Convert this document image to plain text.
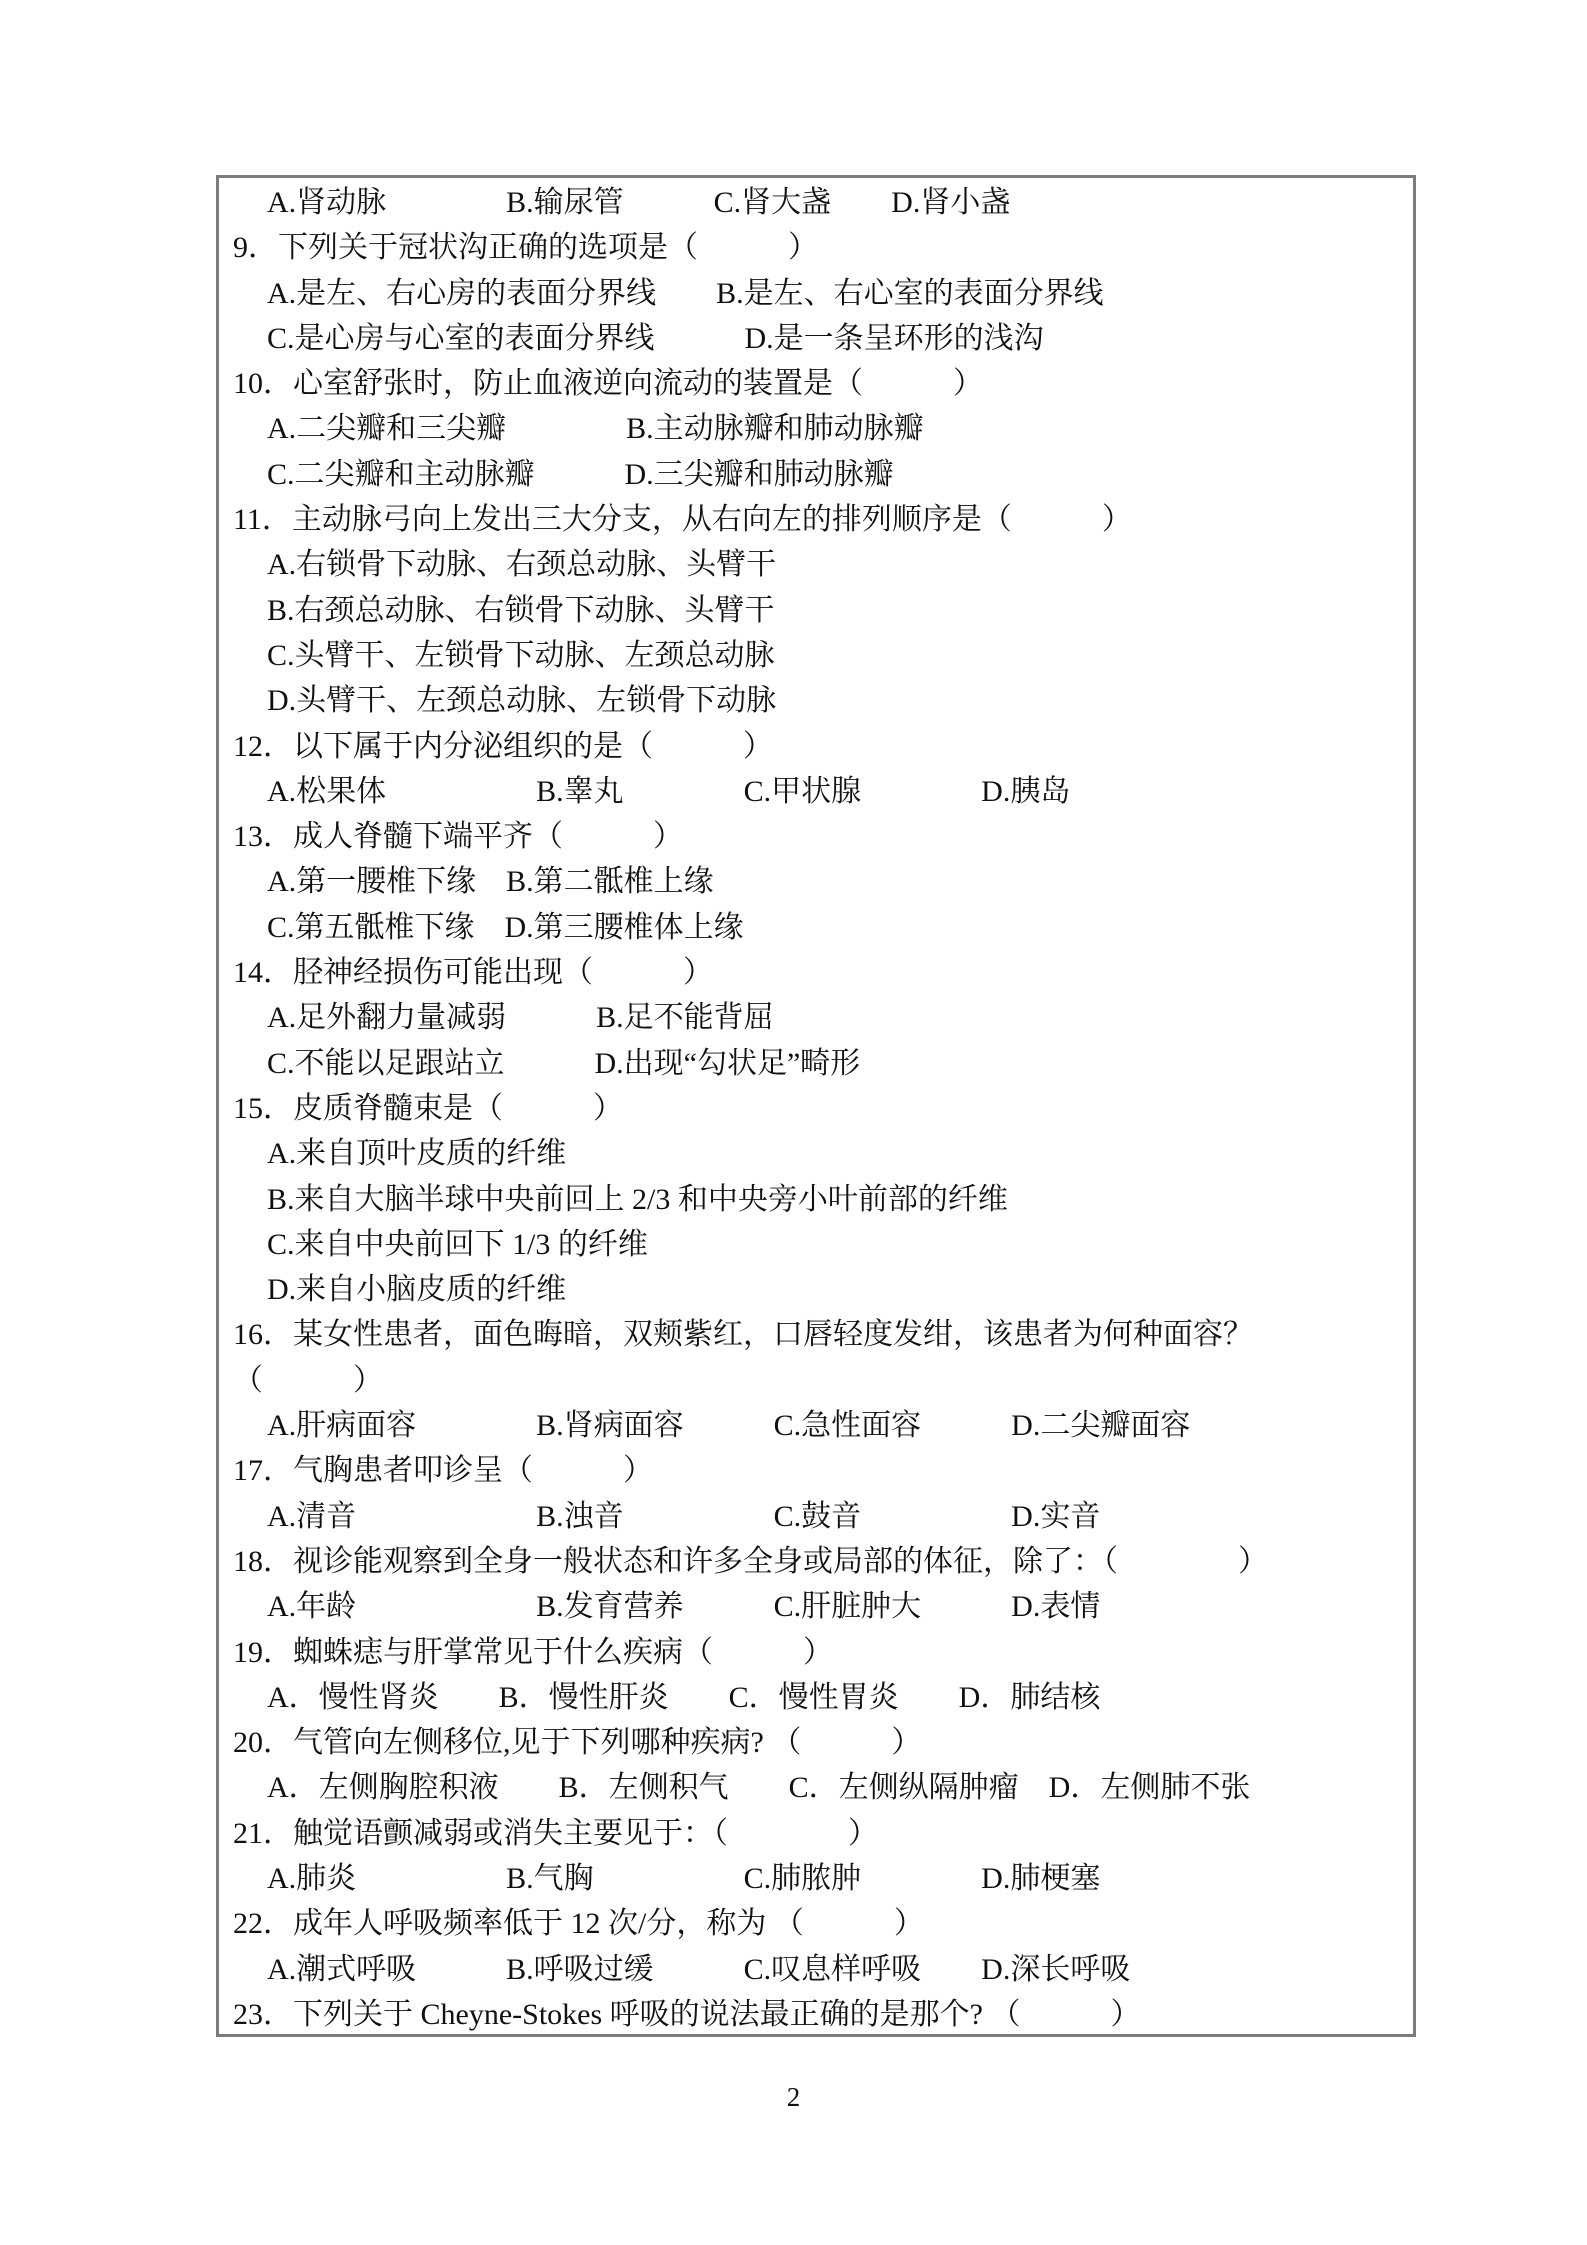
A.肾动脉　　　　B.输尿管　　　C.肾大盏　　D.肾小盏
9．下列关于冠状沟正确的选项是（　　　）
A.是左、右心房的表面分界线　　B.是左、右心室的表面分界线
C.是心房与心室的表面分界线　　　D.是一条呈环形的浅沟
10．心室舒张时，防止血液逆向流动的装置是（　　　）
A.二尖瓣和三尖瓣　　　　B.主动脉瓣和肺动脉瓣
C.二尖瓣和主动脉瓣　　　D.三尖瓣和肺动脉瓣
11．主动脉弓向上发出三大分支，从右向左的排列顺序是（　　　）
A.右锁骨下动脉、右颈总动脉、头臂干
B.右颈总动脉、右锁骨下动脉、头臂干
C.头臂干、左锁骨下动脉、左颈总动脉
D.头臂干、左颈总动脉、左锁骨下动脉
12．以下属于内分泌组织的是（　　　）
A.松果体　　　　　B.睾丸　　　　C.甲状腺　　　　D.胰岛
13．成人脊髓下端平齐（　　　）
A.第一腰椎下缘　B.第二骶椎上缘
C.第五骶椎下缘　D.第三腰椎体上缘
14．胫神经损伤可能出现（　　　）
A.足外翻力量减弱　　　B.足不能背屈
C.不能以足跟站立　　　D.出现“勾状足”畸形
15．皮质脊髓束是（　　　）
A.来自顶叶皮质的纤维
B.来自大脑半球中央前回上 2/3 和中央旁小叶前部的纤维
C.来自中央前回下 1/3 的纤维
D.来自小脑皮质的纤维
16．某女性患者，面色晦暗，双颊紫红，口唇轻度发绀，该患者为何种面容？
（　　　）
A.肝病面容　　　　B.肾病面容　　　C.急性面容　　　D.二尖瓣面容
17．气胸患者叩诊呈（　　　）
A.清音　　　　　　B.浊音　　　　　C.鼓音　　　　　D.实音
18．视诊能观察到全身一般状态和许多全身或局部的体征，除了：（　　　　）
A.年龄　　　　　　B.发育营养　　　C.肝脏肿大　　　D.表情
19．蜘蛛痣与肝掌常见于什么疾病（　　　）
A．慢性肾炎　　B．慢性肝炎　　C．慢性胃炎　　D．肺结核
20．气管向左侧移位,见于下列哪种疾病? （　　　）
A．左侧胸腔积液　　B．左侧积气　　C．左侧纵隔肿瘤　D．左侧肺不张
21．触觉语颤减弱或消失主要见于：（　　　　）
A.肺炎　　　　　B.气胸　　　　　C.肺脓肿　　　　D.肺梗塞
22．成年人呼吸频率低于 12 次/分，称为 （　　　）
A.潮式呼吸　　　B.呼吸过缓　　　C.叹息样呼吸　　D.深长呼吸
23．下列关于 Cheyne-Stokes 呼吸的说法最正确的是那个? （　　　）
2
